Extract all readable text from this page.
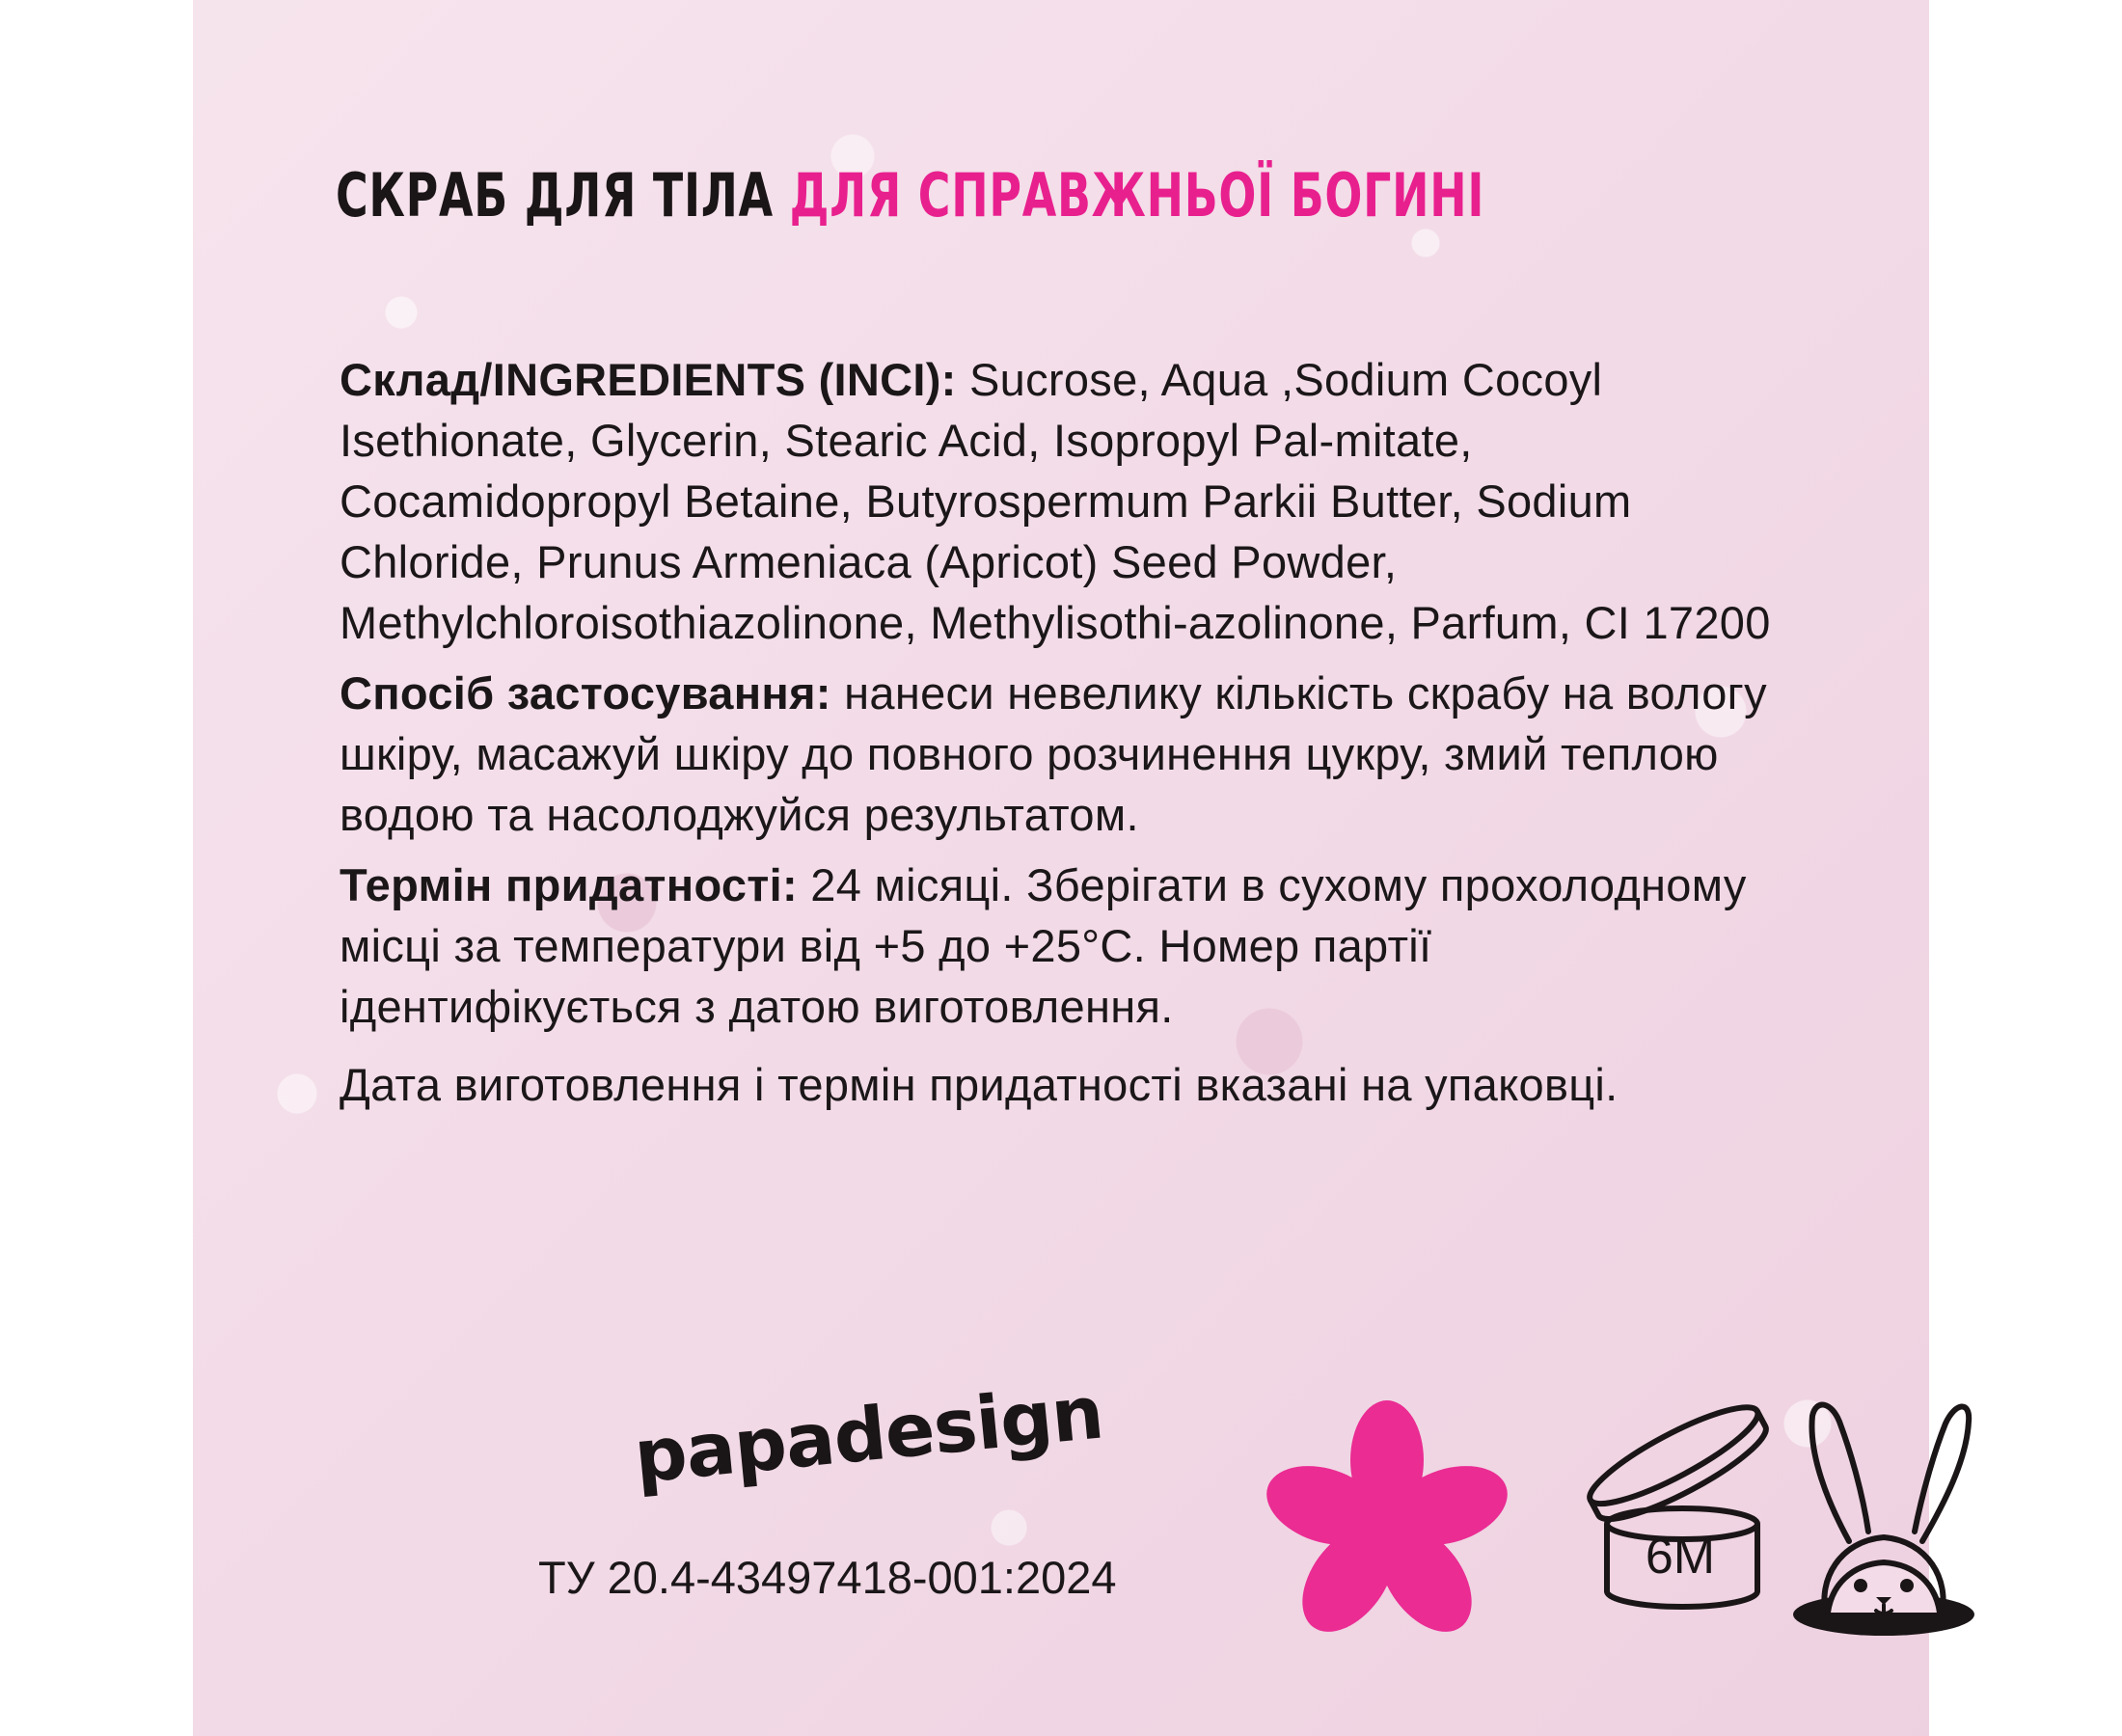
СКРАБ ДЛЯ ТІЛА ДЛЯ СПРАВЖНЬОЇ БОГИНІ

Склад/INGREDIENTS (INCI): Sucrose, Aqua ,Sodium Cocoyl Isethionate, Glycerin, Stearic Acid, Isopropyl Pal-mitate, Cocamidopropyl Betaine, Butyrospermum Parkii Butter, Sodium Chloride, Prunus Armeniaca (Apricot) Seed Powder, Methylchloroisothiazolinone, Methylisothi-azolinone, Parfum, CI 17200

Спосіб застосування: нанеси невелику кількість скрабу на вологу шкіру, масажуй шкіру до повного розчинення цукру, змий теплою водою та насолоджуйся результатом.

Термін придатності: 24 місяці. Зберігати в сухому прохолодному місці за температури від +5 до +25°C. Номер партії ідентифікується з датою виготовлення.

Дата виготовлення і термін придатності вказані на упаковці.

papadesign
ТУ 20.4-43497418-001:2024	6M
